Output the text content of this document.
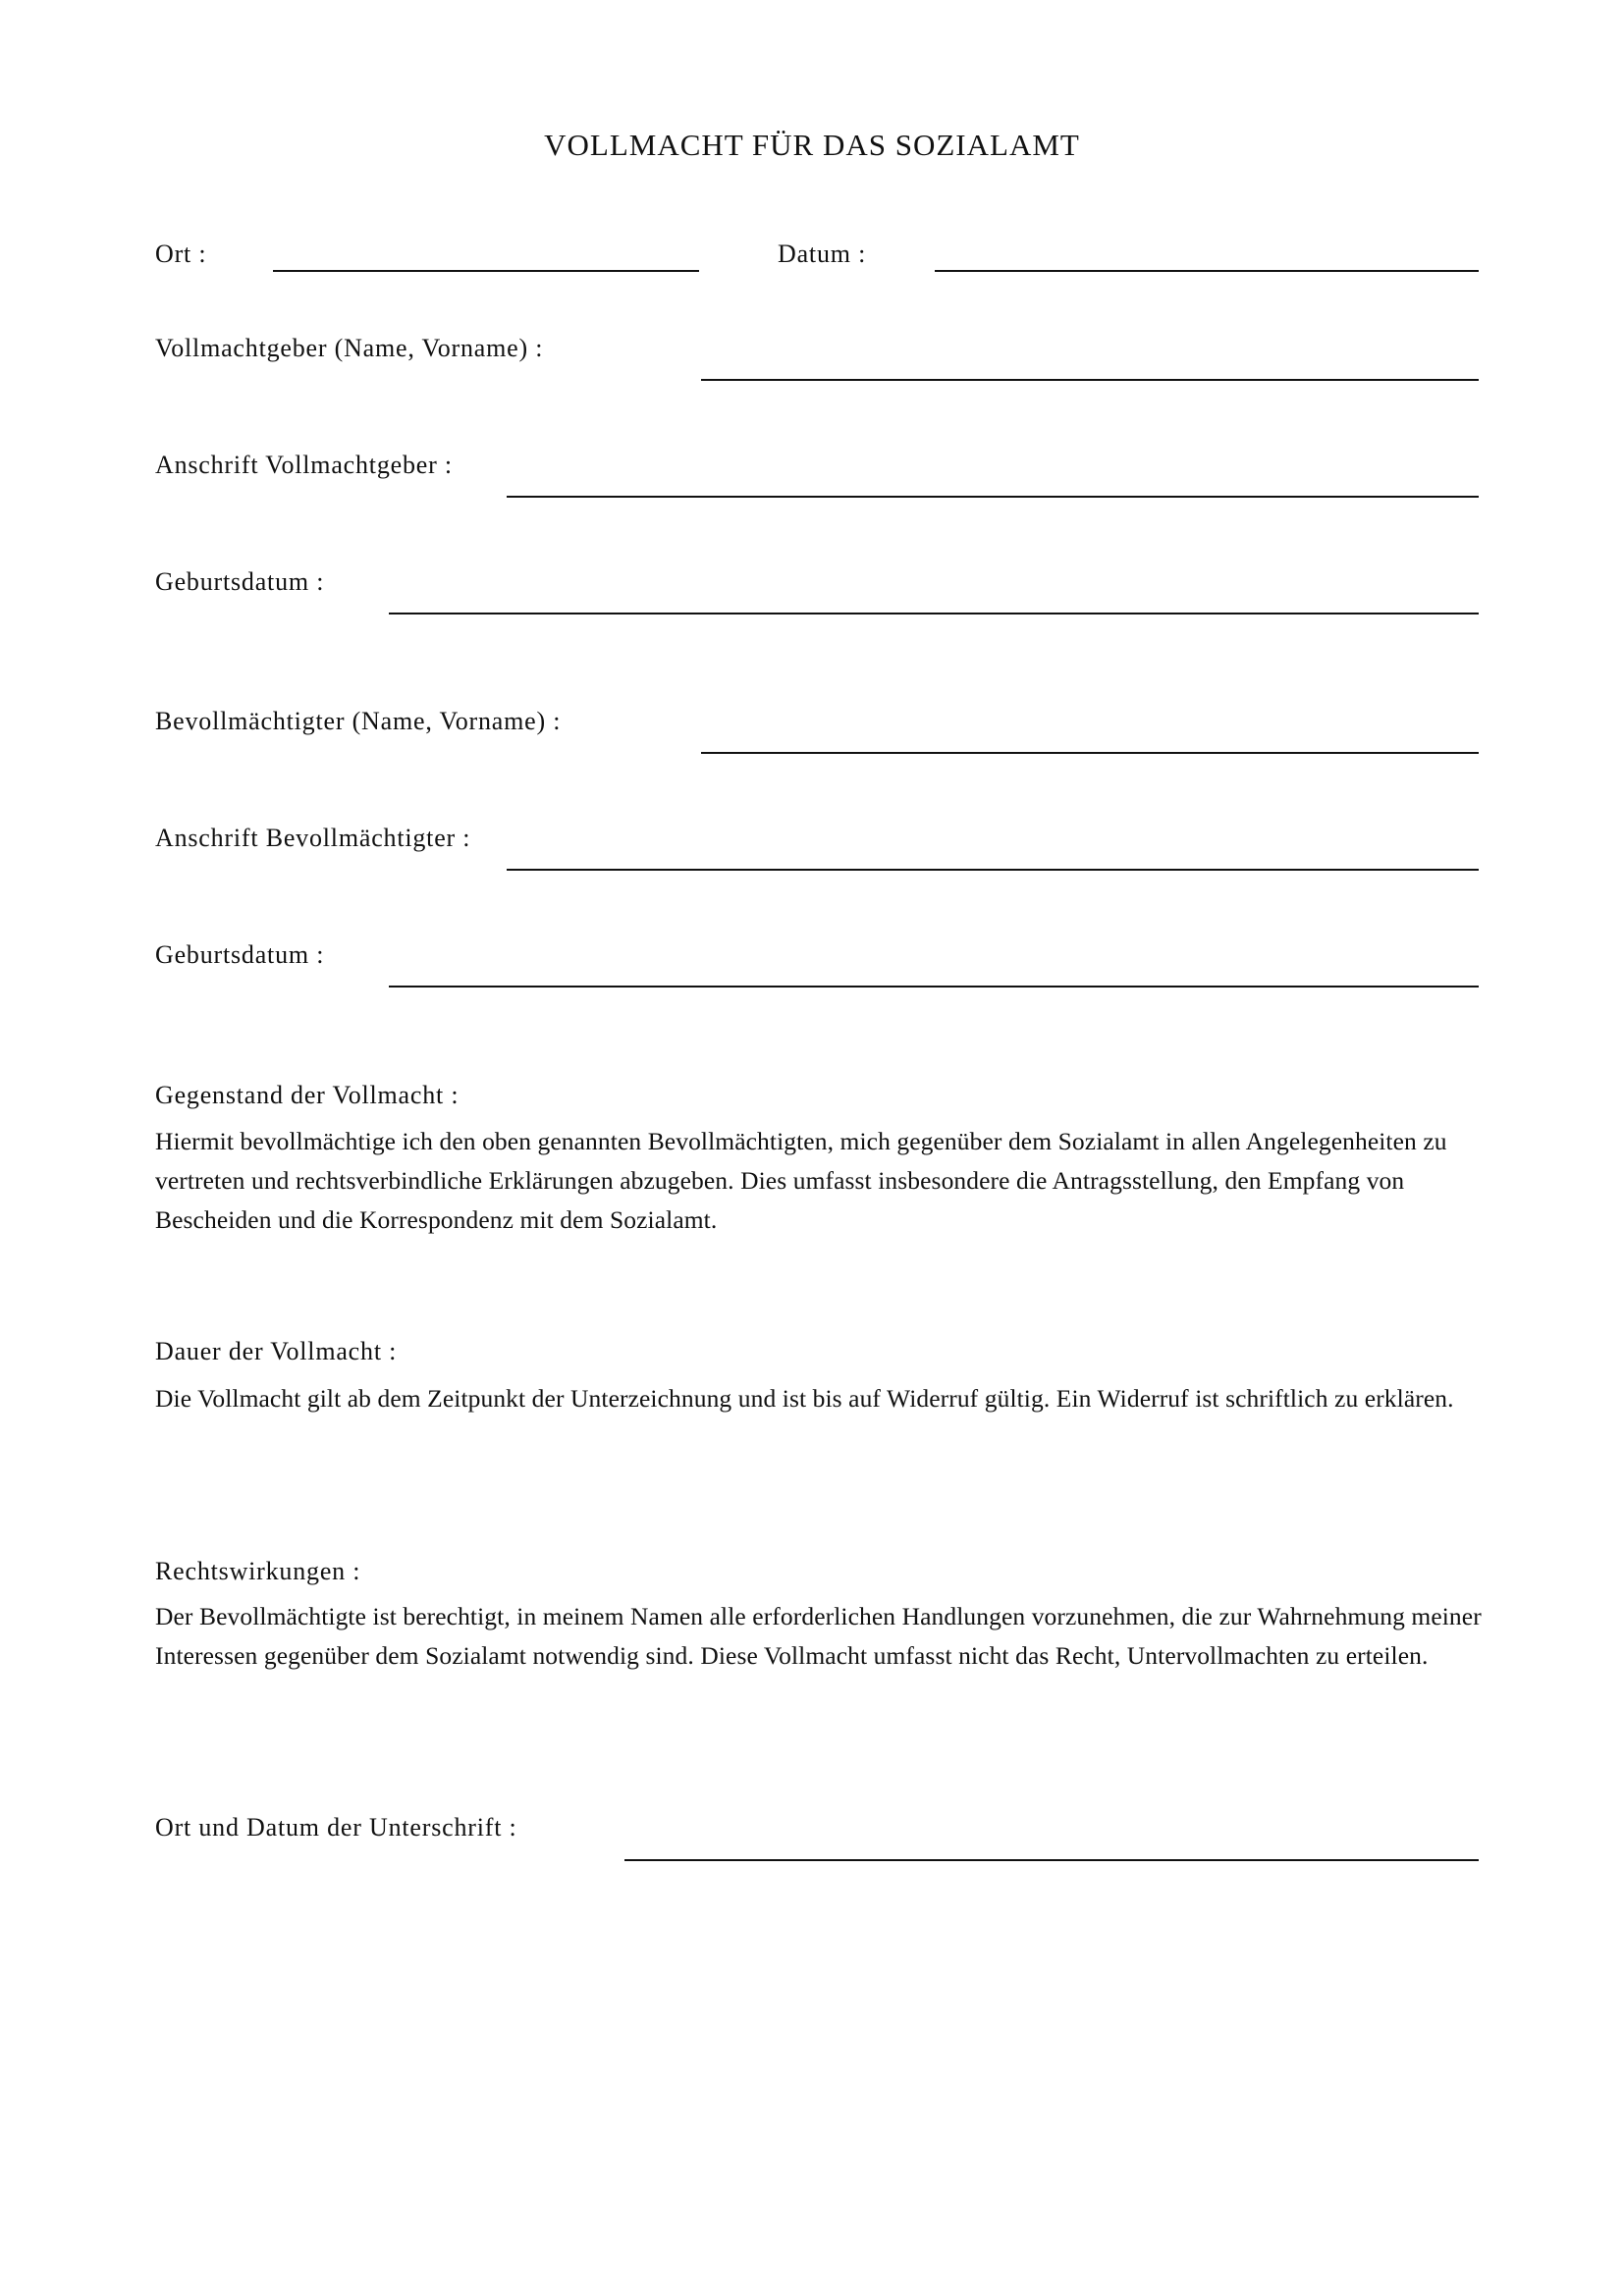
VOLLMACHT FÜR DAS SOZIALAMT
Ort :	Datum :
Vollmachtgeber (Name, Vorname) :
Anschrift Vollmachtgeber :
Geburtsdatum :
Bevollmächtigter (Name, Vorname) :
Anschrift Bevollmächtigter :
Geburtsdatum :
Gegenstand der Vollmacht :

Hiermit bevollmächtige ich den oben genannten Bevollmächtigten, mich gegenüber dem Sozialamt in allen Angelegenheiten zu vertreten und rechtsverbindliche Erklärungen abzugeben. Dies umfasst insbesondere die Antragsstellung, den Empfang von Bescheiden und die Korrespondenz mit dem Sozialamt.

Dauer der Vollmacht :

Die Vollmacht gilt ab dem Zeitpunkt der Unterzeichnung und ist bis auf Widerruf gültig. Ein Widerruf ist schriftlich zu erklären.

Rechtswirkungen :

Der Bevollmächtigte ist berechtigt, in meinem Namen alle erforderlichen Handlungen vorzunehmen, die zur Wahrnehmung meiner Interessen gegenüber dem Sozialamt notwendig sind. Diese Vollmacht umfasst nicht das Recht, Untervollmachten zu erteilen.

Ort und Datum der Unterschrift :
